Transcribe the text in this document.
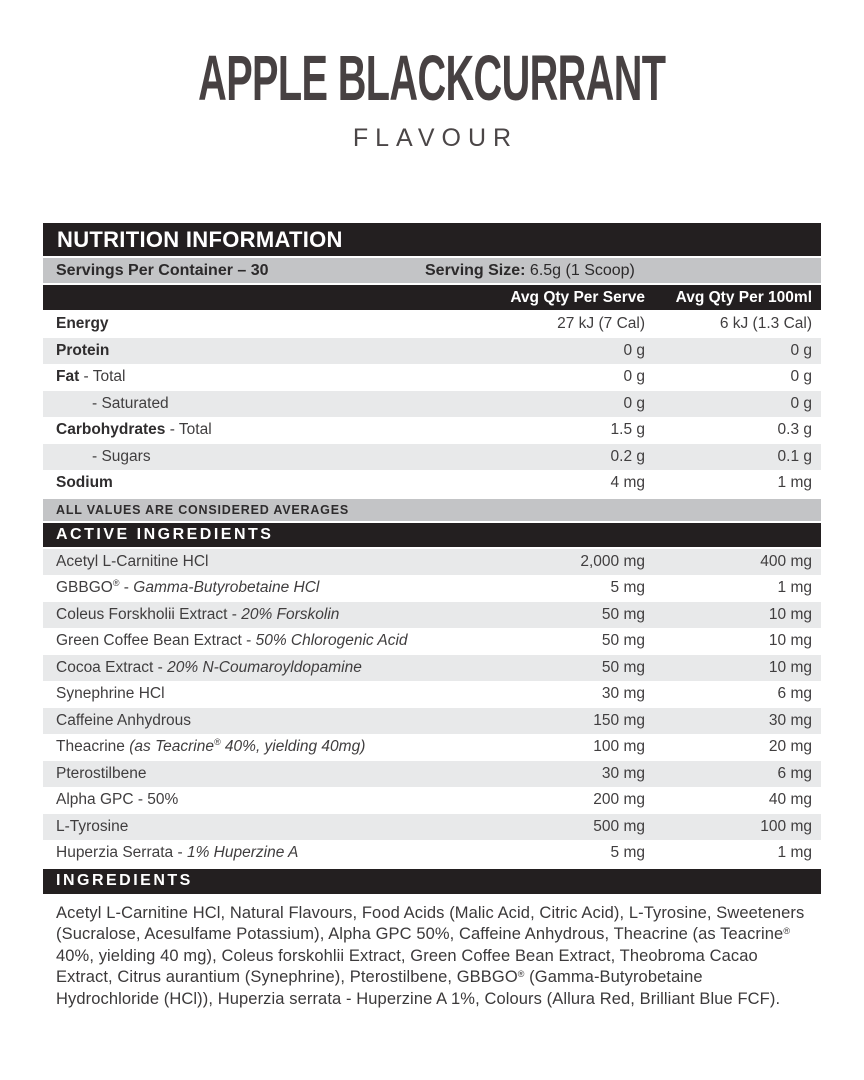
APPLE BLACKCURRANT
FLAVOUR
NUTRITION INFORMATION
Servings Per Container – 30	Serving Size: 6.5g (1 Scoop)
Avg Qty Per Serve	Avg Qty Per 100ml
Energy	27 kJ (7 Cal)	6 kJ (1.3 Cal)
Protein	0 g	0 g
Fat - Total	0 g	0 g
- Saturated	0 g	0 g
Carbohydrates - Total	1.5 g	0.3 g
- Sugars	0.2 g	0.1 g
Sodium	4 mg	1 mg
ALL VALUES ARE CONSIDERED AVERAGES
ACTIVE INGREDIENTS
Acetyl L-Carnitine HCl	2,000 mg	400 mg
GBBGO® - Gamma-Butyrobetaine HCl	5 mg	1 mg
Coleus Forskholii Extract - 20% Forskolin	50 mg	10 mg
Green Coffee Bean Extract - 50% Chlorogenic Acid	50 mg	10 mg
Cocoa Extract - 20% N-Coumaroyldopamine	50 mg	10 mg
Synephrine HCl	30 mg	6 mg
Caffeine Anhydrous	150 mg	30 mg
Theacrine (as Teacrine® 40%, yielding 40mg)	100 mg	20 mg
Pterostilbene	30 mg	6 mg
Alpha GPC - 50%	200 mg	40 mg
L-Tyrosine	500 mg	100 mg
Huperzia Serrata - 1% Huperzine A	5 mg	1 mg
INGREDIENTS

Acetyl L-Carnitine HCl, Natural Flavours, Food Acids (Malic Acid, Citric Acid), L-Tyrosine, Sweeteners (Sucralose, Acesulfame Potassium), Alpha GPC 50%, Caffeine Anhydrous, Theacrine (as Teacrine® 40%, yielding 40 mg), Coleus forskohlii Extract, Green Coffee Bean Extract, Theobroma Cacao Extract, Citrus aurantium (Synephrine), Pterostilbene, GBBGO® (Gamma-Butyrobetaine Hydrochloride (HCl)), Huperzia serrata - Huperzine A 1%, Colours (Allura Red, Brilliant Blue FCF).
